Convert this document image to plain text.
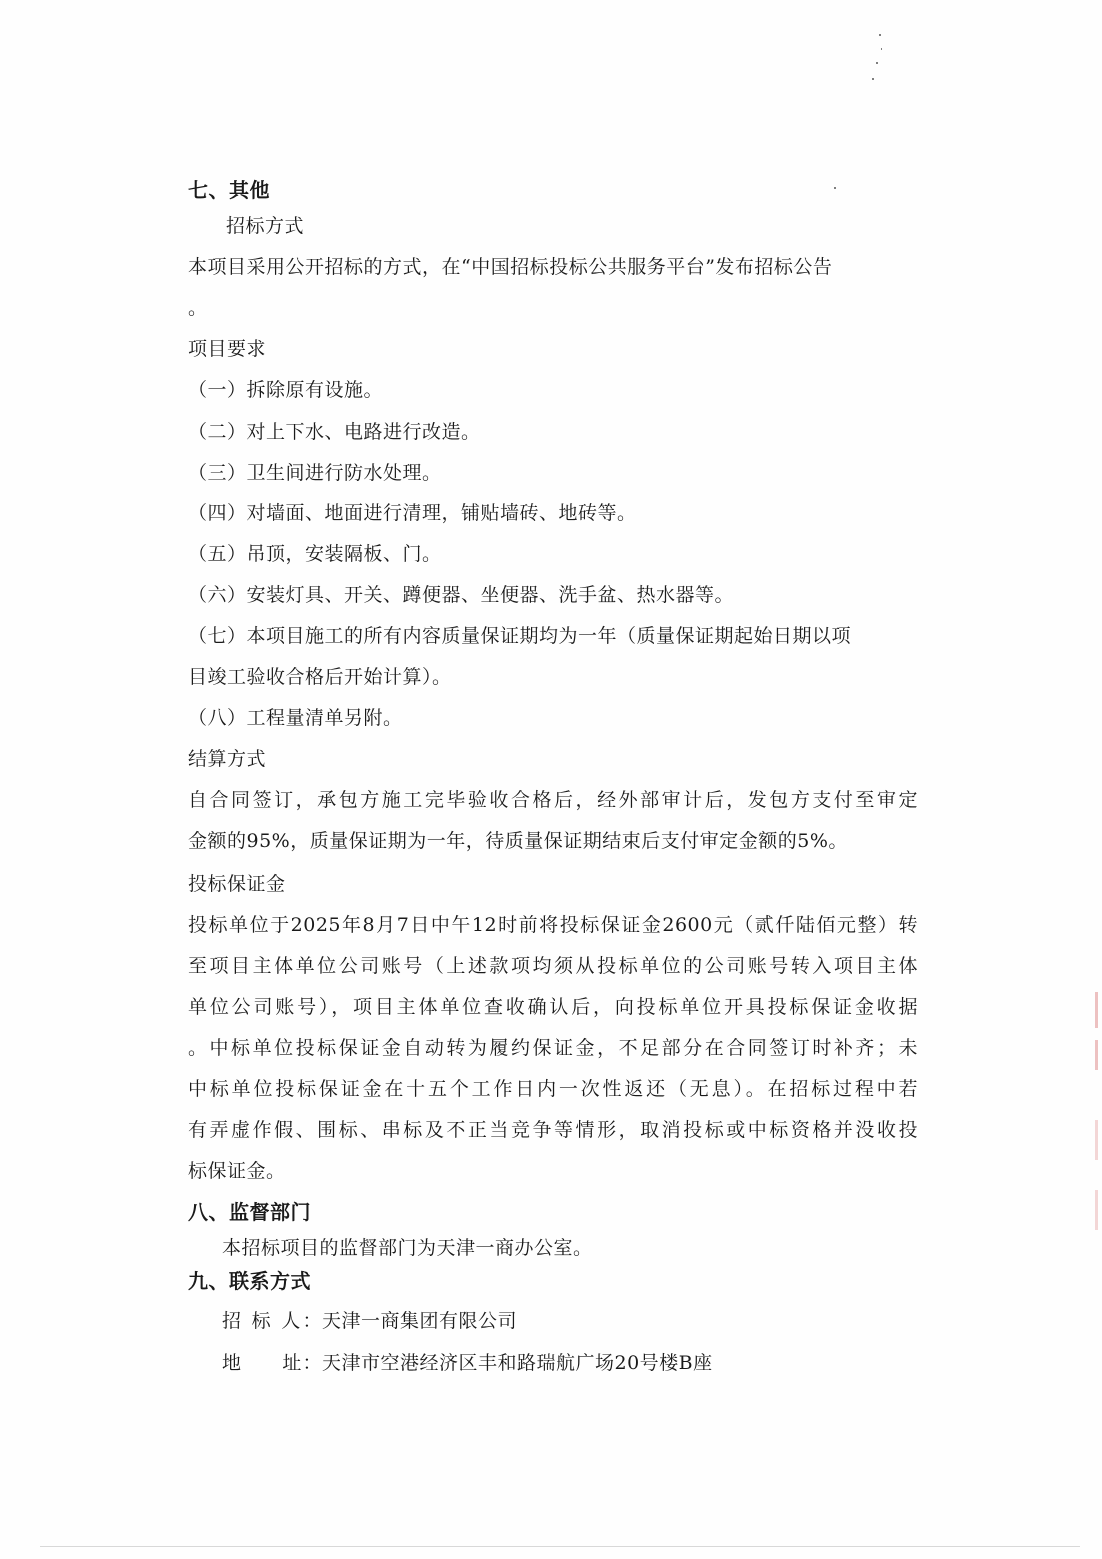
七、其他
招标方式
本项目采用公开招标的方式，在“中国招标投标公共服务平台”发布招标公告
。
项目要求
（一）拆除原有设施。
（二）对上下水、电路进行改造。
（三）卫生间进行防水处理。
（四）对墙面、地面进行清理，铺贴墙砖、地砖等。
（五）吊顶，安装隔板、门。
（六）安装灯具、开关、蹲便器、坐便器、洗手盆、热水器等。
（七）本项目施工的所有内容质量保证期均为一年（质量保证期起始日期以项
目竣工验收合格后开始计算）。
（八）工程量清单另附。
结算方式
自合同签订，承包方施工完毕验收合格后，经外部审计后，发包方支付至审定
金额的95%，质量保证期为一年，待质量保证期结束后支付审定金额的5%。
投标保证金
投标单位于2025年8月7日中午12时前将投标保证金2600元（贰仟陆佰元整）转
至项目主体单位公司账号（上述款项均须从投标单位的公司账号转入项目主体
单位公司账号），项目主体单位查收确认后，向投标单位开具投标保证金收据
。中标单位投标保证金自动转为履约保证金，不足部分在合同签订时补齐；未
中标单位投标保证金在十五个工作日内一次性返还（无息）。在招标过程中若
有弄虚作假、围标、串标及不正当竞争等情形，取消投标或中标资格并没收投
标保证金。
八、监督部门
本招标项目的监督部门为天津一商办公室。
九、联系方式
招 标 人：天津一商集团有限公司
地　　址：天津市空港经济区丰和路瑞航广场20号楼B座
